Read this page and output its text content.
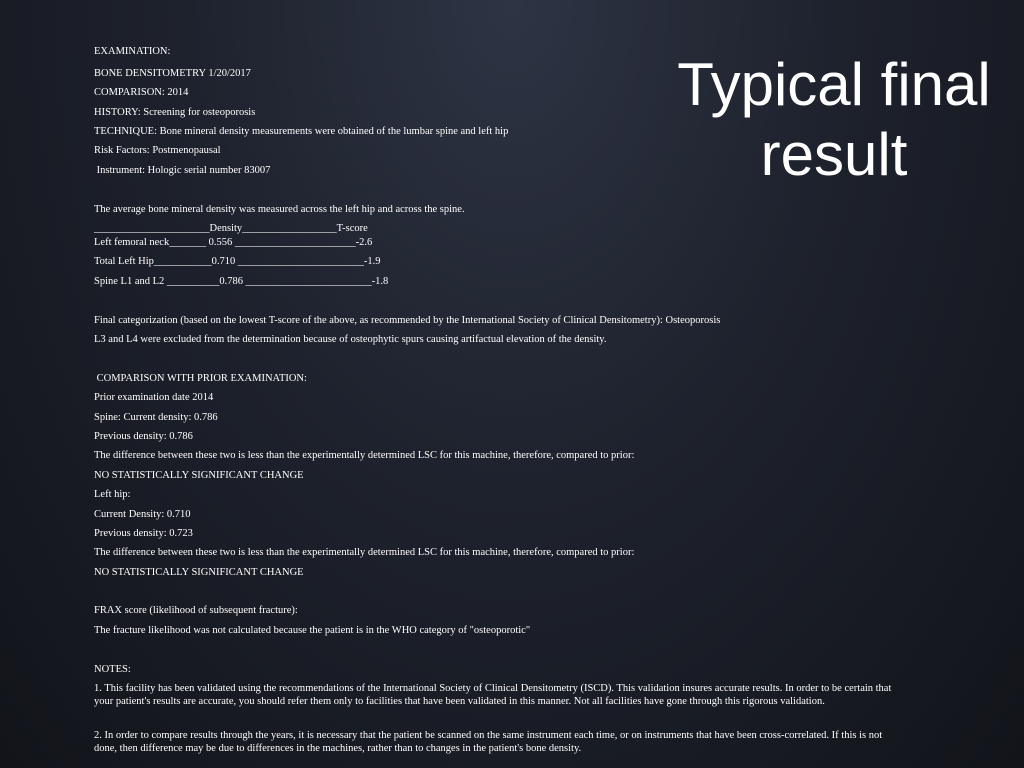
Typical final
result
EXAMINATION:
BONE DENSITOMETRY 1/20/2017
COMPARISON: 2014
HISTORY: Screening for osteoporosis
TECHNIQUE: Bone mineral density measurements were obtained of the lumbar spine and left hip
Risk Factors: Postmenopausal
Instrument: Hologic serial number 83007
The average bone mineral density was measured across the left hip and across the spine.
______________________Density__________________T-score
Left femoral neck_______ 0.556 _______________________-2.6
Total Left Hip___________0.710 ________________________-1.9
Spine L1 and L2 __________0.786 ________________________-1.8
Final categorization (based on the lowest T-score of the above, as recommended by the International Society of Clinical Densitometry): Osteoporosis
L3 and L4 were excluded from the determination because of osteophytic spurs causing artifactual elevation of the density.
COMPARISON WITH PRIOR EXAMINATION:
Prior examination date 2014
Spine: Current density: 0.786
Previous density: 0.786
The difference between these two is less than the experimentally determined LSC for this machine, therefore, compared to prior:
NO STATISTICALLY SIGNIFICANT CHANGE
Left hip:
Current Density: 0.710
Previous density: 0.723
The difference between these two is less than the experimentally determined LSC for this machine, therefore, compared to prior:
NO STATISTICALLY SIGNIFICANT CHANGE
FRAX score (likelihood of subsequent fracture):
The fracture likelihood was not calculated because the patient is in the WHO category of "osteoporotic"
NOTES:
1. This facility has been validated using the recommendations of the International Society of Clinical Densitometry (ISCD). This validation insures accurate results. In order to be certain that your patient's results are accurate, you should refer them only to facilities that have been validated in this manner. Not all facilities have gone through this rigorous validation.
2. In order to compare results through the years, it is necessary that the patient be scanned on the same instrument each time, or on instruments that have been cross-correlated. If this is not done, then difference may be due to differences in the machines, rather than to changes in the patient's bone density.
